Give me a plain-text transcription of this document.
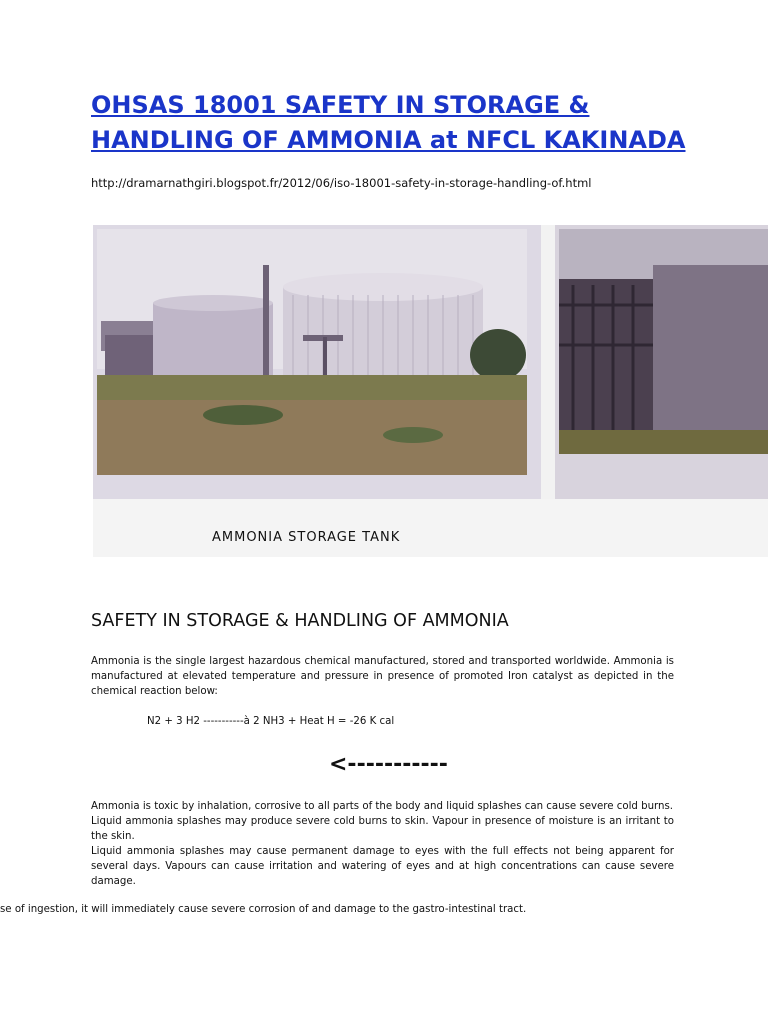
OHSAS 18001 SAFETY IN STORAGE & HANDLING OF AMMONIA at NFCL KAKINADA
http://dramarnathgiri.blogspot.fr/2012/06/iso-18001-safety-in-storage-handling-of.html
AMMONIA STORAGE TANK
SAFETY IN STORAGE & HANDLING OF AMMONIA

Ammonia is the single largest hazardous chemical manufactured, stored and transported worldwide. Ammonia is manufactured at elevated temperature and pressure in presence of promoted Iron catalyst as depicted in the chemical reaction below:

N2 + 3 H2 -----------à 2 NH3 + Heat H = -26 K cal
<-----------

Ammonia is toxic by inhalation, corrosive to all parts of the body and liquid splashes can cause severe cold burns.
Liquid ammonia splashes may produce severe cold burns to skin. Vapour in presence of moisture is an irritant to the skin.
Liquid ammonia splashes may cause permanent damage to eyes with the full effects not being apparent for several days. Vapours can cause irritation and watering of eyes and at high concentrations can cause severe damage.

se of ingestion, it will immediately cause severe corrosion of and damage to the gastro-intestinal tract.
